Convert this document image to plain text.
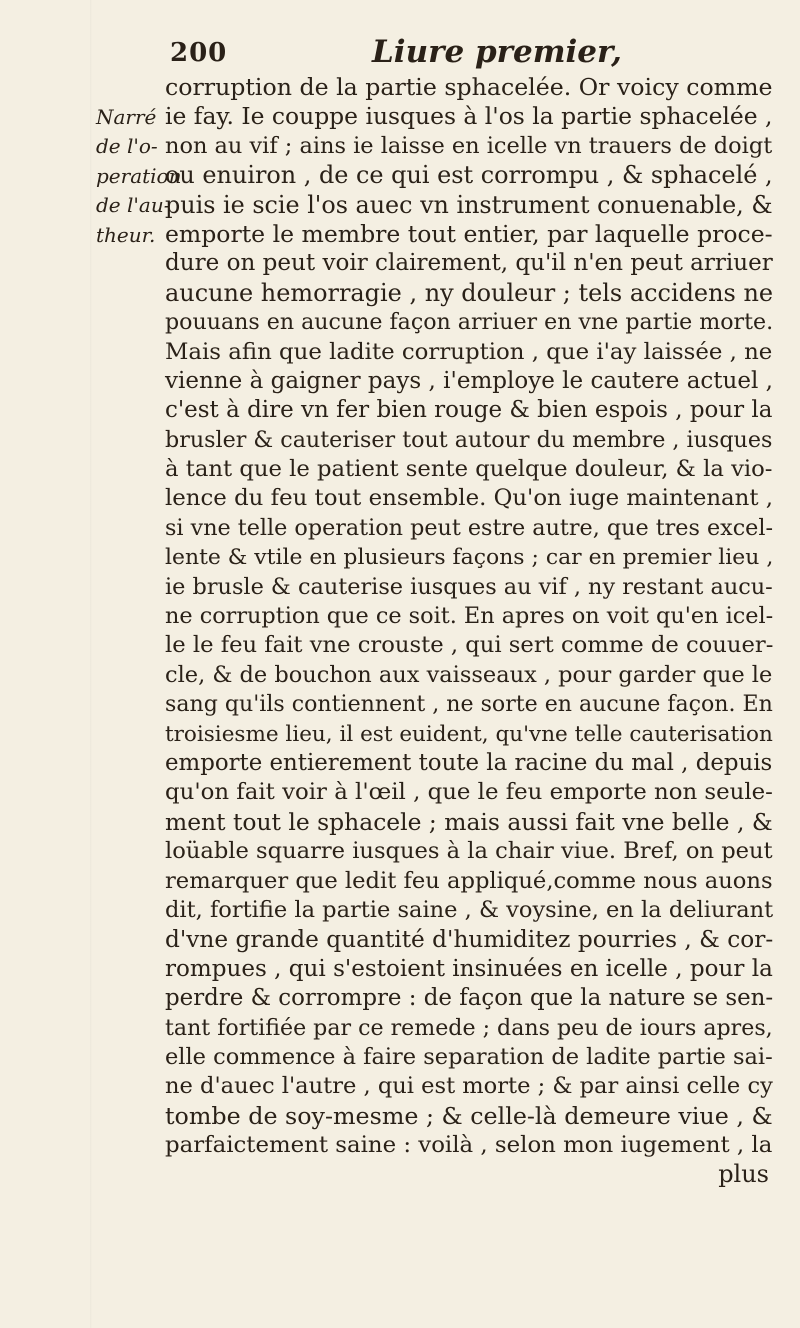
200	Liure premier,
Narré
de l'o-
peration
de l'au-
theur.
corruption de la partie sphacelée. Or voicy comme
ie fay. Ie couppe iusques à l'os la partie sphacelée ,
non au vif ; ains ie laisse en icelle vn trauers de doigt
ou enuiron , de ce qui est corrompu , & sphacelé ,
puis ie scie l'os auec vn instrument conuenable, &
emporte le membre tout entier, par laquelle proce-
dure on peut voir clairement, qu'il n'en peut arriuer
aucune hemorragie , ny douleur ; tels accidens ne
pouuans en aucune façon arriuer en vne partie morte.
Mais afin que ladite corruption , que i'ay laissée , ne
vienne à gaigner pays , i'employe le cautere actuel ,
c'est à dire vn fer bien rouge & bien espois , pour la
brusler & cauteriser tout autour du membre , iusques
à tant que le patient sente quelque douleur, & la vio-
lence du feu tout ensemble. Qu'on iuge maintenant ,
si vne telle operation peut estre autre, que tres excel-
lente & vtile en plusieurs façons ; car en premier lieu ,
ie brusle & cauterise iusques au vif , ny restant aucu-
ne corruption que ce soit. En apres on voit qu'en icel-
le le feu fait vne crouste , qui sert comme de couuer-
cle, & de bouchon aux vaisseaux , pour garder que le
sang qu'ils contiennent , ne sorte en aucune façon. En
troisiesme lieu, il est euident, qu'vne telle cauterisation
emporte entierement toute la racine du mal , depuis
qu'on fait voir à l'œil , que le feu emporte non seule-
ment tout le sphacele ; mais aussi fait vne belle , &
loüable squarre iusques à la chair viue. Bref, on peut
remarquer que ledit feu appliqué,comme nous auons
dit, fortifie la partie saine , & voysine, en la deliurant
d'vne grande quantité d'humiditez pourries , & cor-
rompues , qui s'estoient insinuées en icelle , pour la
perdre & corrompre : de façon que la nature se sen-
tant fortifiée par ce remede ; dans peu de iours apres,
elle commence à faire separation de ladite partie sai-
ne d'auec l'autre , qui est morte ; & par ainsi celle cy
tombe de soy-mesme ; & celle-là demeure viue , &
parfaictement saine : voilà , selon mon iugement , la
plus
